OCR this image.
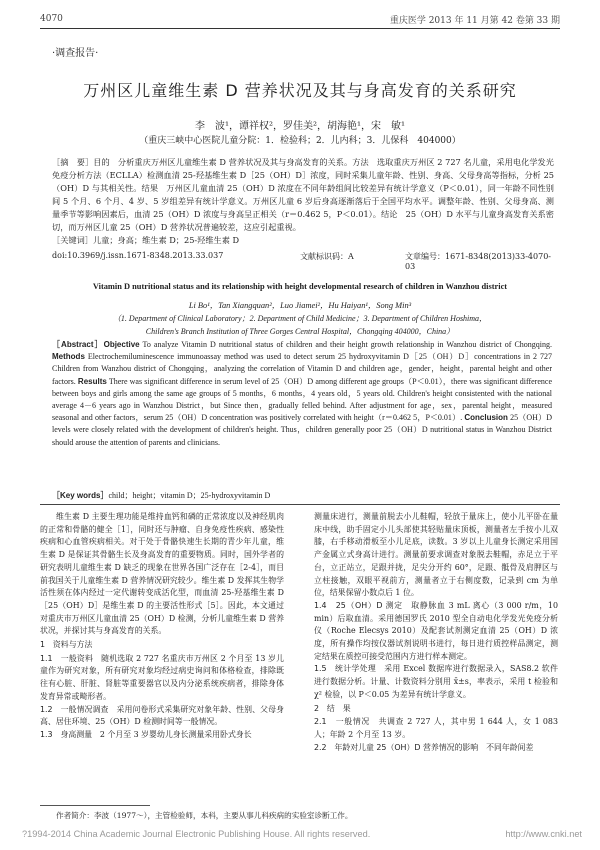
4070	重庆医学 2013 年 11 月第 42 卷第 33 期
·调查报告·
万州区儿童维生素 D 营养状况及其与身高发育的关系研究
李　波¹，谭祥权²，罗佳美²，胡海艳¹，宋　敏¹
（重庆三峡中心医院儿童分院：1．检验科；2．儿内科；3．儿保科　404000）
［摘　要］目的　分析重庆万州区儿童维生素 D 营养状况及其与身高发育的关系。方法　选取重庆万州区 2 727 名儿童，采用电化学发光免疫分析方法（ECLLA）检测血清 25-羟基维生素 D［25（OH）D］浓度，同时采集儿童年龄、性别、身高、父母身高等指标，分析 25（OH）D 与其相关性。结果　万州区儿童血清 25（OH）D 浓度在不同年龄组间比较差异有统计学意义（P＜0.01），同一年龄不同性别间 5 个月、6 个月、4 岁、5 岁组差异有统计学意义。万州区儿童 6 岁后身高逐渐落后于全国平均水平。调整年龄、性别、父母身高、测量季节等影响因素后，血清 25（OH）D 浓度与身高呈正相关（r＝0.462 5，P＜0.01）。结论　25（OH）D 水平与儿童身高发育关系密切，而万州区儿童 25（OH）D 营养状况普遍较差，这应引起重视。
［关键词］儿童；身高；维生素 D；25-羟维生素 D
doi:10.3969/j.issn.1671-8348.2013.33.037	文献标识码：A	文章编号：1671-8348(2013)33-4070-03
Vitamin D nutritional status and its relationship with height developmental research of children in Wanzhou district
Li Bo¹，Tan Xiangquan²，Luo Jiamei²，Hu Haiyan¹，Song Min³
（1. Department of Clinical Laboratory；2. Department of Child Medicine；3. Department of Children Hoshima，
Children's Branch Institution of Three Gorges Central Hospital，Chongqing 404000，China）
［Abstract］Objective To analyze Vitamin D nutritional status of children and their height growth relationship in Wanzhou district of Chongqing. Methods Electrochemiluminescence immunoassay method was used to detect serum 25 hydroxyvitamin D［25（OH）D］concentrations in 2 727 Children from Wanzhou district of Chongqing，analyzing the correlation of Vitamin D and children age，gender，height，parental height and other factors. Results There was significant difference in serum level of 25（OH）D among different age groups（P＜0.01），there was significant difference between boys and girls among the same age groups of 5 months，6 months，4 years old，5 years old. Children's height consistented with the national average 4－6 years ago in Wanzhou District，but Since then，gradually felled behind. After adjustment for age，sex，parental height，measured seasonal and other factors，serum 25（OH）D concentration was positively correlated with height（r＝0.462 5，P＜0.01）. Conclusion 25（OH）D levels were closely related with the development of children's height. Thus，children generally poor 25（OH）D nutritional status in Wanzhou District should arouse the attention of parents and clinicians.
［Key words］child；height；vitamin D；25-hydroxyvitamin D

维生素 D 主要生理功能是维持血钙和磷的正常浓度以及神经肌肉的正常和骨骼的健全［1］，同时还与肿瘤、自身免疫性疾病、感染性疾病和心血管疾病相关。对于处于骨骼快速生长期的青少年儿童，维生素 D 是保证其骨骼生长及身高发育的重要物质。同时，国外学者的研究表明儿童维生素 D 缺乏的现象在世界各国广泛存在［2-4］，而目前我国关于儿童维生素 D 营养情况研究较少。维生素 D 发挥其生物学活性须在体内经过一定代谢转变成活化型，而血清 25-羟基维生素 D［25（OH）D］是维生素 D 的主要活性形式［5］。因此，本文通过对重庆市万州区儿童血清 25（OH）D 检测，分析儿童维生素 D 营养状况，并探讨其与身高发育的关系。

1　资料与方法

1.1　一般资料　 随机选取 2 727 名重庆市万州区 2 个月至 13 岁儿童作为研究对象，所有研究对象均经过病史询问和体格检查，排除既往有心脏、肝脏、肾脏等重要器官以及内分泌系统疾病者，排除身体发育异常或畸形者。

1.2　一般情况调查　 采用问卷形式采集研究对象年龄、性别、父母身高、居住环境、25（OH）D 检测时间等一般情况。

1.3　身高测量　 2 个月至 3 岁婴幼儿身长测量采用卧式身长

测量床进行，测量前脱去小儿鞋帽，轻放于量床上，使小儿平卧在量床中线，助手固定小儿头部使其轻贴量床顶板，测量者左手按小儿双膝，右手移动滑板至小儿足底，读数。3 岁以上儿童身长测定采用国产金属立式身高计进行。测量前要求调查对象脱去鞋帽，赤足立于平台，立正站立，足跟并拢，足尖分开约 60°，足跟、骶骨及肩胛区与立柱接触，双眼平视前方，测量者立于右侧度数，记录到 cm 为单位，结果保留小数点后 1 位。

1.4　25（OH）D 测定　 取静脉血 3 mL 离心（3 000 r/m，10 min）后取血清。采用德国罗氏 2010 型全自动电化学发光免疫分析仪（Roche Elecsys 2010）及配套试剂测定血清 25（OH）D 浓度，所有操作均按仪器试剂说明书进行，每日进行质控样品测定，测定结果在质控可接受范围内方进行样本测定。

1.5　统计学处理　 采用 Excel 数据库进行数据录入，SAS8.2 软件进行数据分析。计量、计数资料分别用 x̄±s，率表示，采用 t 检验和 χ² 检验，以 P＜0.05 为差异有统计学意义。

2　结　果

2.1　一般情况　 共调查 2 727 人，其中男 1 644 人，女 1 083 人；年龄 2 个月至 13 岁。

2.2　年龄对儿童 25（OH）D 营养情况的影响　 不同年龄间差

作者简介：李波（1977～），主管检验师，本科，主要从事儿科疾病的实验室诊断工作。
?1994-2014 China Academic Journal Electronic Publishing House. All rights reserved.	http://www.cnki.net
